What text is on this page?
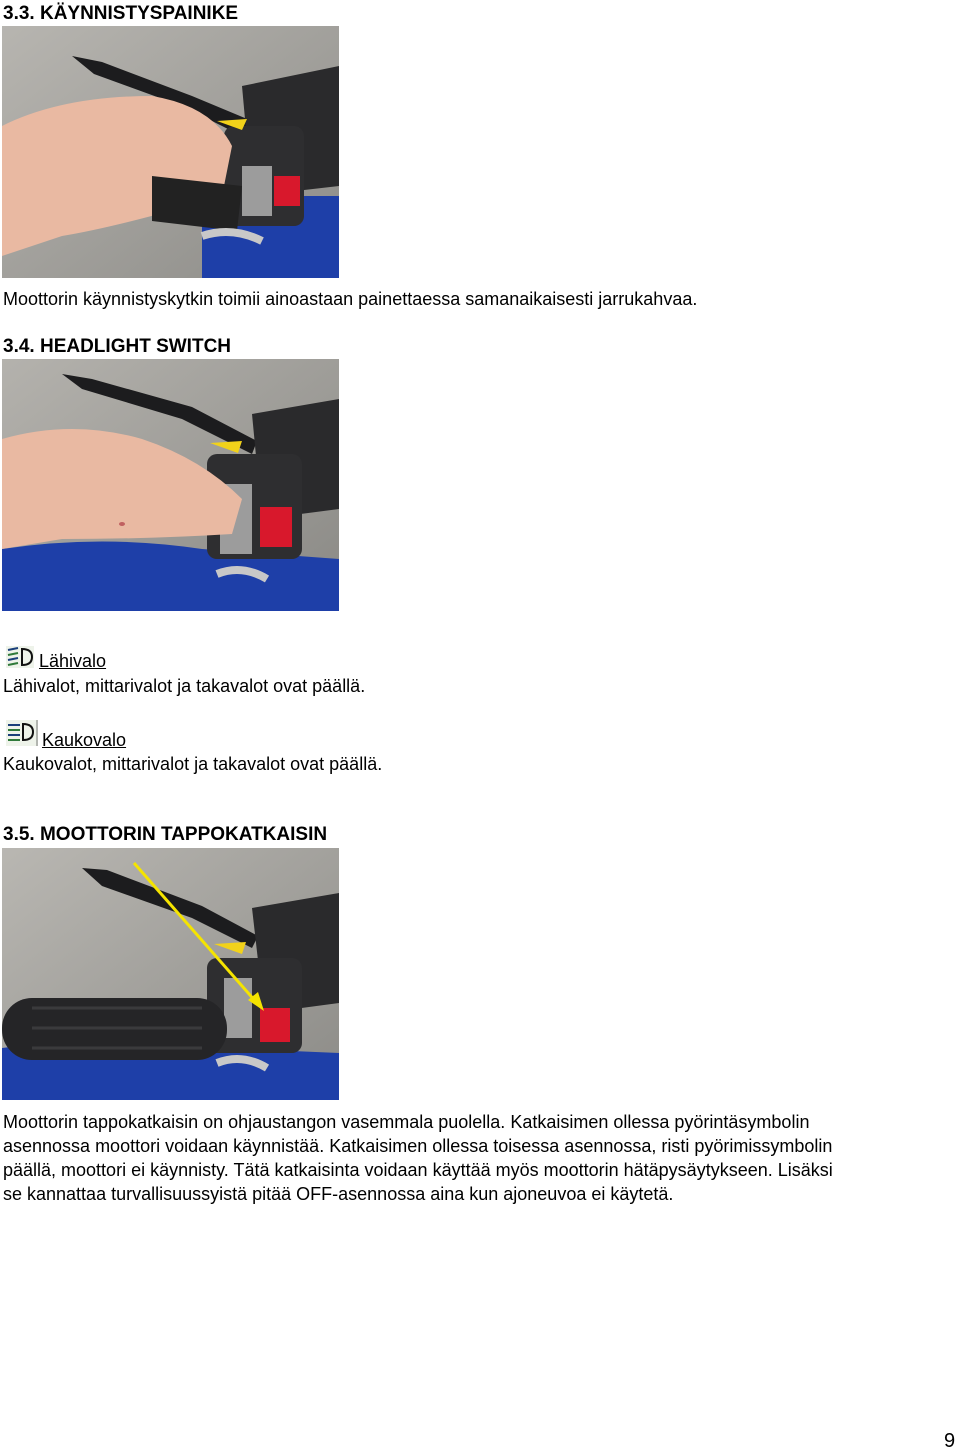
3.3. KÄYNNISTYSPAINIKE
Moottorin käynnistyskytkin toimii ainoastaan painettaessa samanaikaisesti jarrukahvaa.
3.4. HEADLIGHT SWITCH
Lähivalo
Lähivalot, mittarivalot ja takavalot ovat päällä.
Kaukovalo
Kaukovalot, mittarivalot ja takavalot ovat päällä.
3.5. MOOTTORIN TAPPOKATKAISIN
Moottorin tappokatkaisin on ohjaustangon vasemmala puolella. Katkaisimen ollessa pyörintäsymbolin
asennossa moottori voidaan käynnistää. Katkaisimen ollessa toisessa asennossa, risti pyörimissymbolin
päällä, moottori ei käynnisty. Tätä katkaisinta voidaan käyttää myös moottorin hätäpysäytykseen. Lisäksi
se kannattaa turvallisuussyistä pitää OFF-asennossa aina kun ajoneuvoa ei käytetä.
9
